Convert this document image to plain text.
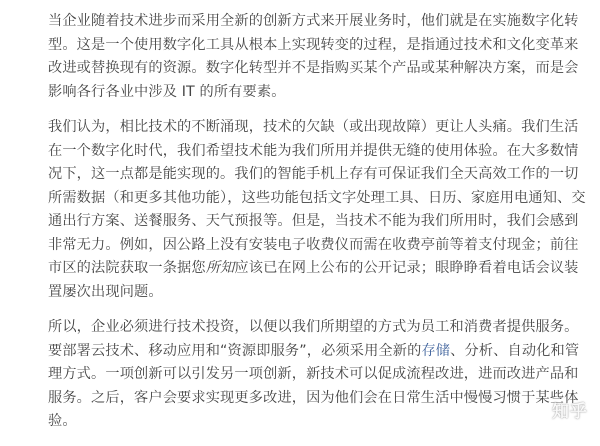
当企业随着技术进步而采用全新的创新方式来开展业务时，他们就是在实施数字化转型。这是一个使用数字化工具从根本上实现转变的过程，是指通过技术和文化变革来改进或替换现有的资源。数字化转型并不是指购买某个产品或某种解决方案，而是会影响各行各业中涉及 IT 的所有要素。

我们认为，相比技术的不断涌现，技术的欠缺（或出现故障）更让人头痛。我们生活在一个数字化时代，我们希望技术能为我们所用并提供无缝的使用体验。在大多数情况下，这一点都是能实现的。我们的智能手机上存有可保证我们全天高效工作的一切所需数据（和更多其他功能），这些功能包括文字处理工具、日历、家庭用电通知、交通出行方案、送餐服务、天气预报等。但是，当技术不能为我们所用时，我们会感到非常无力。例如，因公路上没有安装电子收费仪而需在收费亭前等着支付现金；前往市区的法院获取一条据您所知应该已在网上公布的公开记录；眼睁睁看着电话会议装置屡次出现问题。

所以，企业必须进行技术投资，以便以我们所期望的方式为员工和消费者提供服务。要部署云技术、移动应用和“资源即服务”，必须采用全新的存储、分析、自动化和管理方式。一项创新可以引发另一项创新，新技术可以促成流程改进，进而改进产品和服务。之后，客户会要求实现更多改进，因为他们会在日常生活中慢慢习惯于某些体验。	知乎
